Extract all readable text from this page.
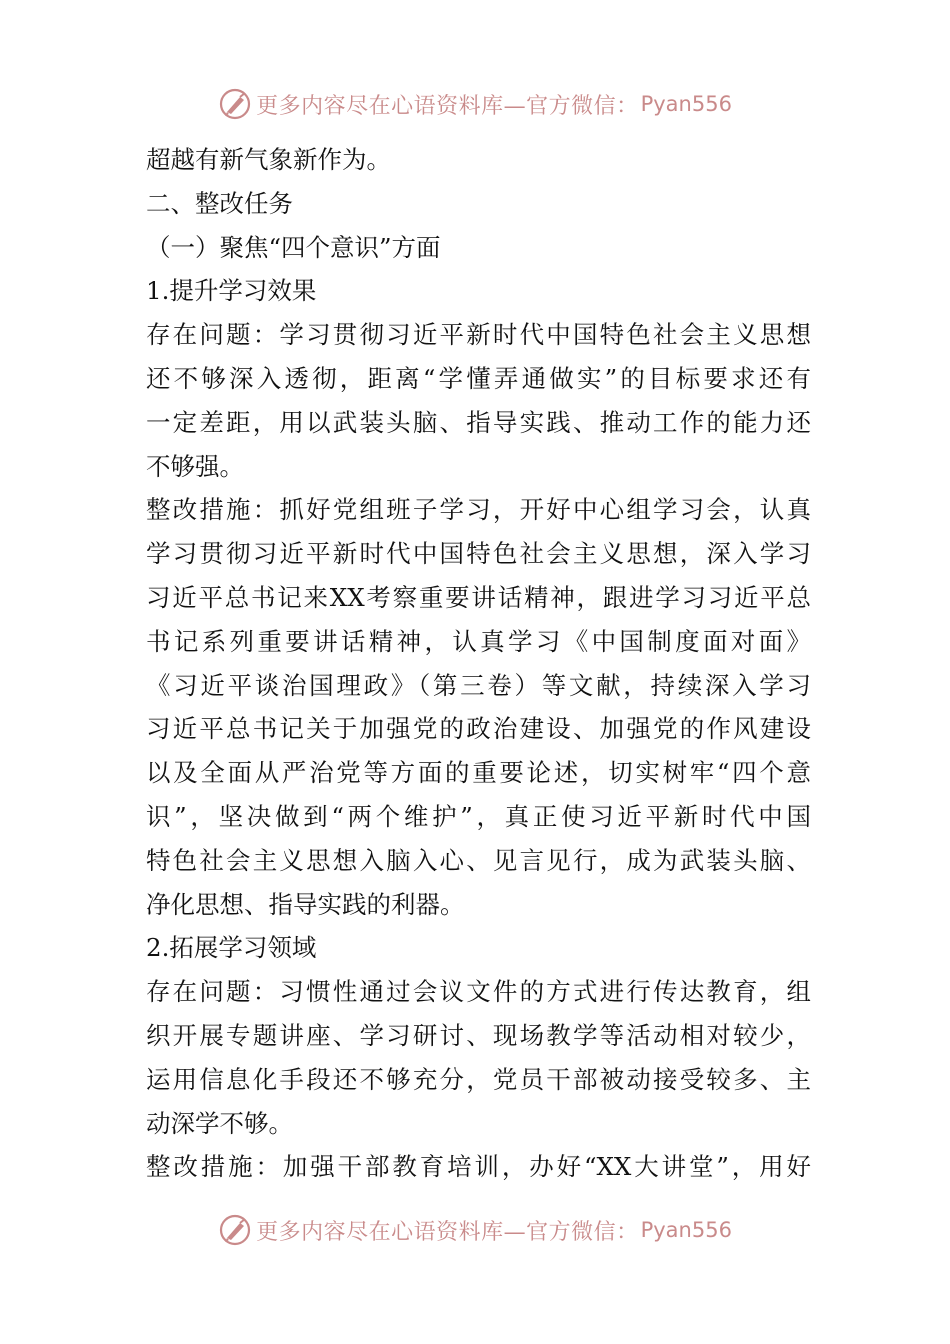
更多内容尽在心语资料库—官方微信： Pyan556
超越有新气象新作为。
二、整改任务
（一）聚焦“四个意识”方面
1.提升学习效果
存在问题：学习贯彻习近平新时代中国特色社会主义思想
还不够深入透彻，距离“学懂弄通做实”的目标要求还有
一定差距，用以武装头脑、指导实践、推动工作的能力还
不够强。
整改措施：抓好党组班子学习，开好中心组学习会，认真
学习贯彻习近平新时代中国特色社会主义思想，深入学习
习近平总书记来XX考察重要讲话精神，跟进学习习近平总
书记系列重要讲话精神，认真学习《中国制度面对面》
《习近平谈治国理政》（第三卷）等文献，持续深入学习
习近平总书记关于加强党的政治建设、加强党的作风建设
以及全面从严治党等方面的重要论述，切实树牢“四个意
识”，坚决做到“两个维护”，真正使习近平新时代中国
特色社会主义思想入脑入心、见言见行，成为武装头脑、
净化思想、指导实践的利器。
2.拓展学习领域
存在问题：习惯性通过会议文件的方式进行传达教育，组
织开展专题讲座、学习研讨、现场教学等活动相对较少，
运用信息化手段还不够充分，党员干部被动接受较多、主
动深学不够。
整改措施：加强干部教育培训，办好“XX大讲堂”，用好
更多内容尽在心语资料库—官方微信： Pyan556
